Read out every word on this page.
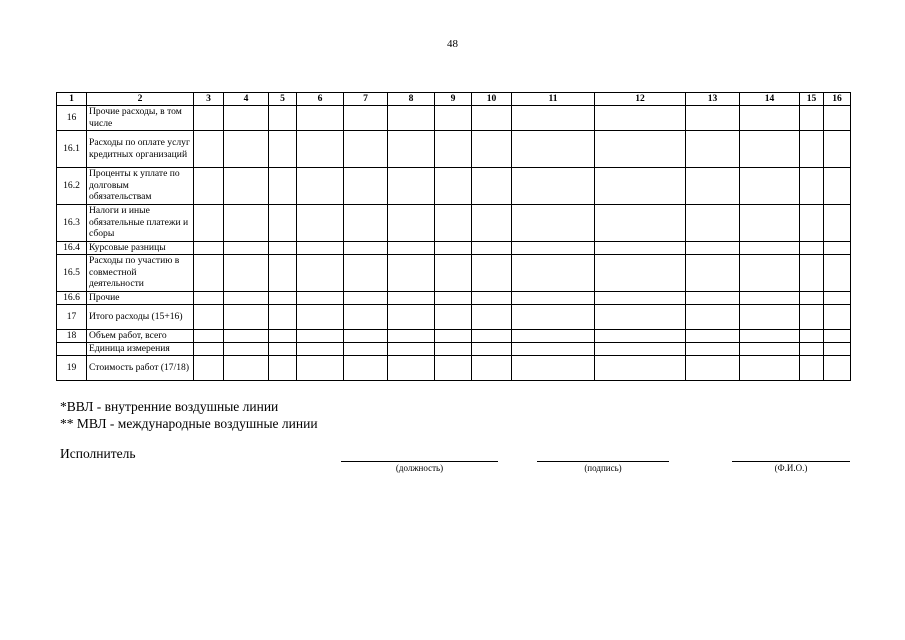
48
1	2	3	4	5	6	7	8	9	10	11	12	13	14	15	16
16	Прочие расходы, в том числе														
16.1	Расходы по оплате услуг кредитных организаций														
16.2	Проценты к уплате по долговым обязательствам														
16.3	Налоги и иные обязательные платежи и сборы														
16.4	Курсовые разницы														
16.5	Расходы по участию в совместной деятельности														
16.6	Прочие														
17	Итого расходы (15+16)														
18	Объем работ, всего														
	Единица измерения														
19	Стоимость работ (17/18)														
*ВВЛ - внутренние воздушные линии
** МВЛ - международные воздушные линии
Исполнитель
(должность)	(подпись)	(Ф.И.О.)
